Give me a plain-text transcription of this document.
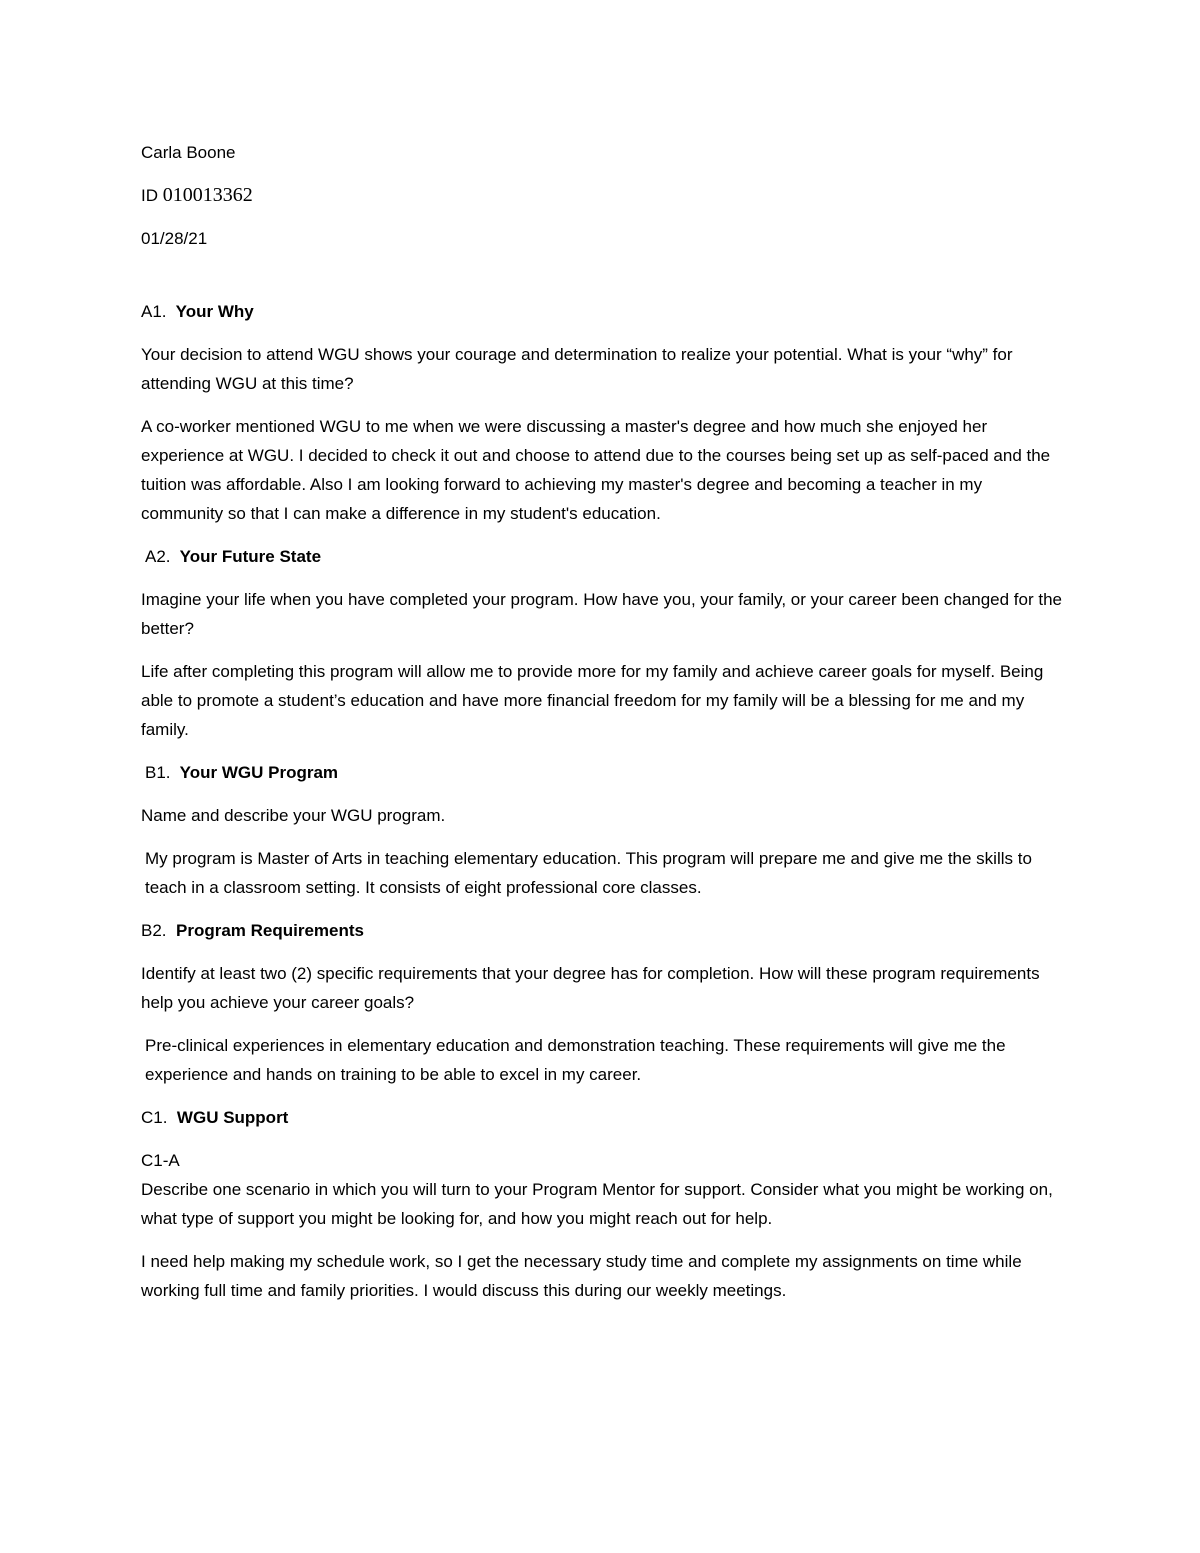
Carla Boone

ID 010013362

01/28/21

A1. Your Why

Your decision to attend WGU shows your courage and determination to realize your potential. What is your “why” for attending WGU at this time?

A co-worker mentioned WGU to me when we were discussing a master's degree and how much she enjoyed her experience at WGU. I decided to check it out and choose to attend due to the courses being set up as self-paced and the tuition was affordable. Also I am looking forward to achieving my master's degree and becoming a teacher in my community so that I can make a difference in my student's education.

A2. Your Future State

Imagine your life when you have completed your program. How have you, your family, or your career been changed for the better?

Life after completing this program will allow me to provide more for my family and achieve career goals for myself. Being able to promote a student’s education and have more financial freedom for my family will be a blessing for me and my family.

B1. Your WGU Program

Name and describe your WGU program.

My program is Master of Arts in teaching elementary education. This program will prepare me and give me the skills to teach in a classroom setting. It consists of eight professional core classes.

B2. Program Requirements

Identify at least two (2) specific requirements that your degree has for completion. How will these program requirements help you achieve your career goals?

Pre-clinical experiences in elementary education and demonstration teaching. These requirements will give me the experience and hands on training to be able to excel in my career.

C1. WGU Support

C1-A

Describe one scenario in which you will turn to your Program Mentor for support. Consider what you might be working on, what type of support you might be looking for, and how you might reach out for help.

I need help making my schedule work, so I get the necessary study time and complete my assignments on time while working full time and family priorities. I would discuss this during our weekly meetings.
